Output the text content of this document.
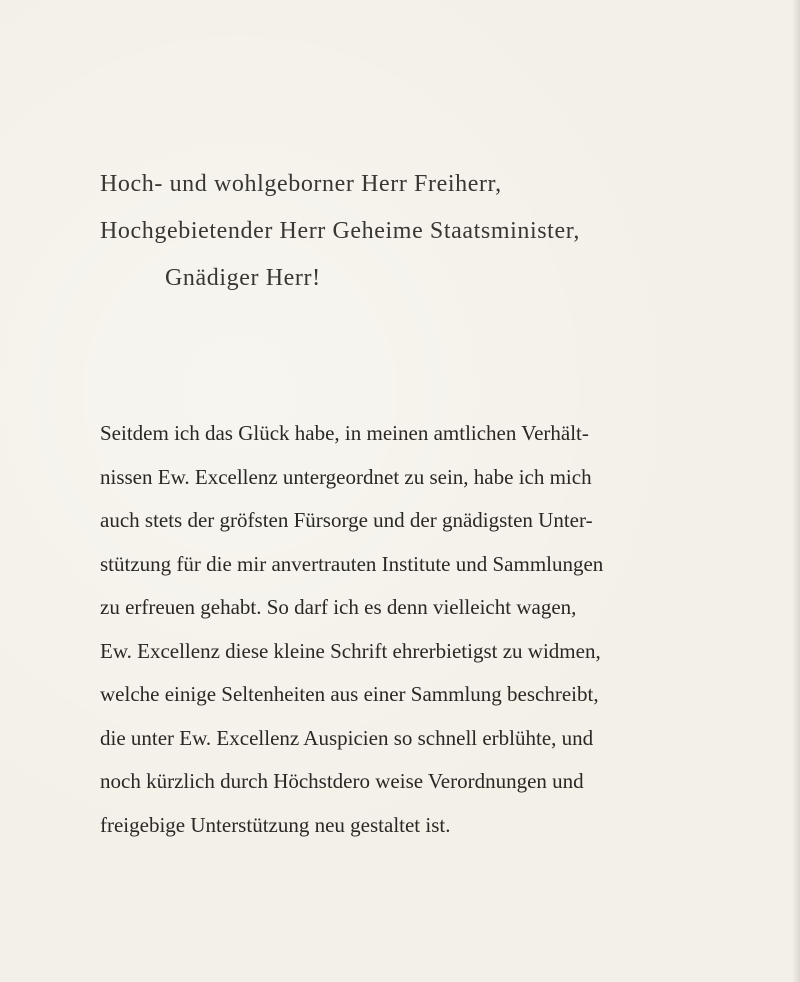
Hoch- und wohlgeborner Herr Freiherr,
Hochgebietender Herr Geheime Staatsminister,
Gnädiger Herr!
Seitdem ich das Glück habe, in meinen amtlichen Verhält-
nissen Ew. Excellenz untergeordnet zu sein, habe ich mich
auch stets der gröfsten Fürsorge und der gnädigsten Unter-
stützung für die mir anvertrauten Institute und Sammlungen
zu erfreuen gehabt. So darf ich es denn vielleicht wagen,
Ew. Excellenz diese kleine Schrift ehrerbietigst zu widmen,
welche einige Seltenheiten aus einer Sammlung beschreibt,
die unter Ew. Excellenz Auspicien so schnell erblühte, und
noch kürzlich durch Höchstdero weise Verordnungen und
freigebige Unterstützung neu gestaltet ist.
